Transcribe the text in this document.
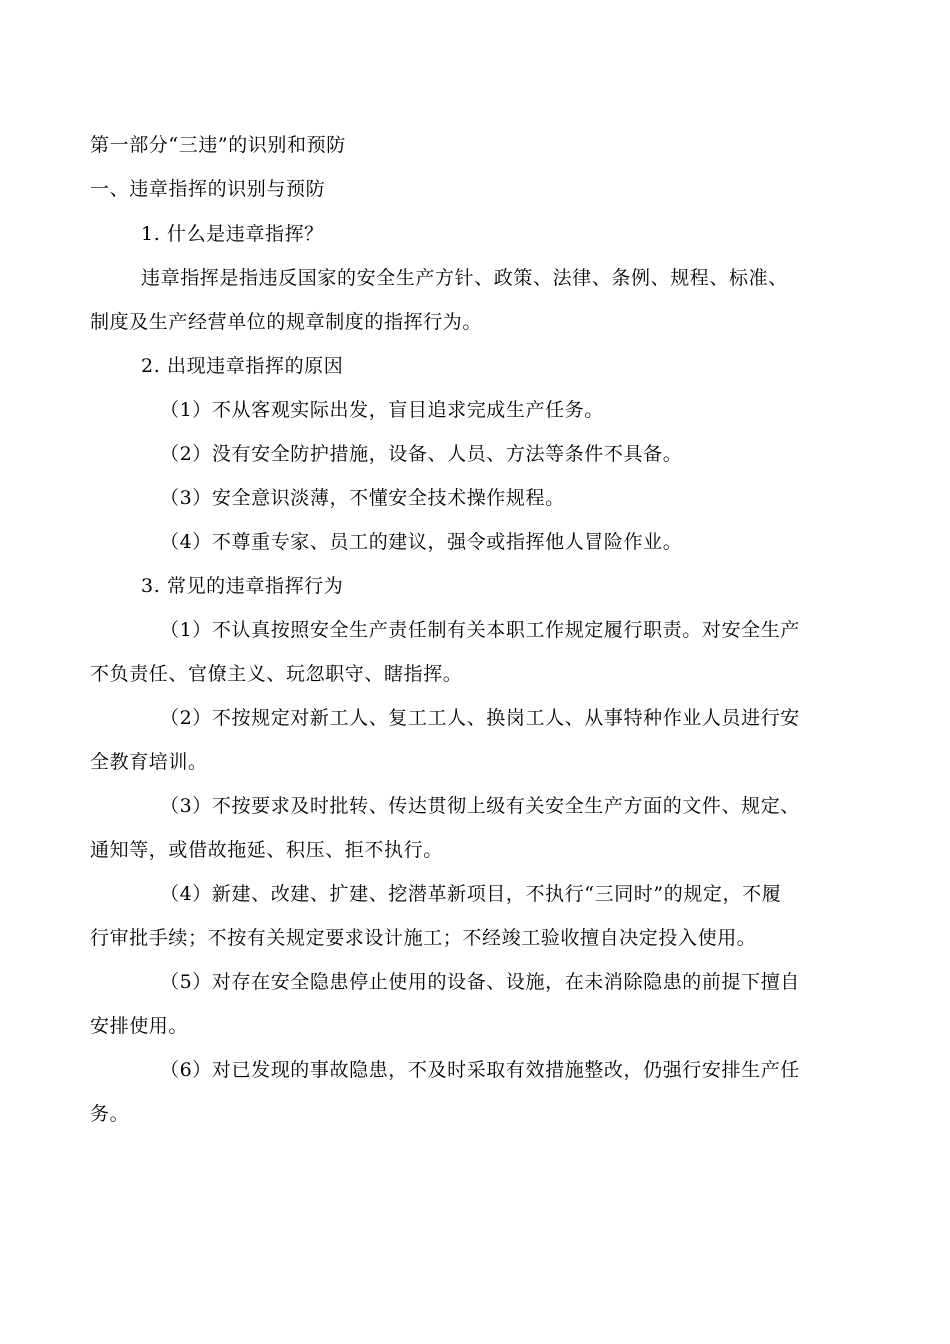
第一部分“三违”的识别和预防
一、违章指挥的识别与预防
1. 什么是违章指挥？
违章指挥是指违反国家的安全生产方针、政策、法律、条例、规程、标准、
制度及生产经营单位的规章制度的指挥行为。
2. 出现违章指挥的原因
（1）不从客观实际出发，盲目追求完成生产任务。
（2）没有安全防护措施，设备、人员、方法等条件不具备。
（3）安全意识淡薄，不懂安全技术操作规程。
（4）不尊重专家、员工的建议，强令或指挥他人冒险作业。
3. 常见的违章指挥行为
（1）不认真按照安全生产责任制有关本职工作规定履行职责。对安全生产
不负责任、官僚主义、玩忽职守、瞎指挥。
（2）不按规定对新工人、复工工人、换岗工人、从事特种作业人员进行安
全教育培训。
（3）不按要求及时批转、传达贯彻上级有关安全生产方面的文件、规定、
通知等，或借故拖延、积压、拒不执行。
（4）新建、改建、扩建、挖潜革新项目，不执行“三同时”的规定，不履
行审批手续；不按有关规定要求设计施工；不经竣工验收擅自决定投入使用。
（5）对存在安全隐患停止使用的设备、设施，在未消除隐患的前提下擅自
安排使用。
（6）对已发现的事故隐患，不及时采取有效措施整改，仍强行安排生产任
务。
